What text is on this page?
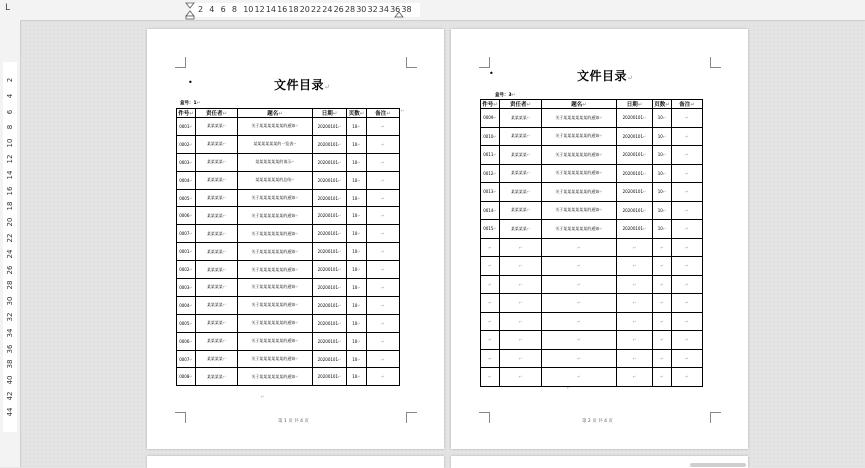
L	2 4 6 8 10 12 14 16 18 20 22 24 26 28 30 32 34 36 38
2
4
6
8
10
12
14
16
18
20
22
24
26
28
30
32
34
36
38
40
42
44
•	文件目录↵
盒号：1↵
件号↵	责任者↵	题名↵	日期↵	页数↵	备注↵
0001↵	某某某某↵	关于某某某某某某的通知↵	20200101↵	10↵	↵
0002↵	某某某某↵	某某某某某某的一览表↵	20200101↵	10↵	↵
0003↵	某某某某↵	某某某某某某的请示↵	20200101↵	10↵	↵
0004↵	某某某某↵	某某某某某某的总结↵	20200101↵	10↵	↵
0005↵	某某某某↵	关于某某某某某某的通知↵	20200101↵	10↵	↵
0006↵	某某某某↵	关于某某某某某某的通知↵	20200101↵	10↵	↵
0007↵	某某某某↵	关于某某某某某某的通知↵	20200101↵	10↵	↵
0001↵	某某某某↵	关于某某某某某某的通知↵	20200101↵	10↵	↵
0002↵	某某某某↵	关于某某某某某某的通知↵	20200101↵	10↵	↵
0003↵	某某某某↵	关于某某某某某某的通知↵	20200101↵	10↵	↵
0004↵	某某某某↵	关于某某某某某某的通知↵	20200101↵	10↵	↵
0005↵	某某某某↵	关于某某某某某某的通知↵	20200101↵	10↵	↵
0006↵	某某某某↵	关于某某某某某某的通知↵	20200101↵	10↵	↵
0007↵	某某某某↵	关于某某某某某某的通知↵	20200101↵	10↵	↵
0008↵	某某某某↵	关于某某某某某某的通知↵	20200101↵	10↵	↵
↵
↵
第 1 页 共 4 页
•	文件目录↵
盒号：3↵
件号↵	责任者↵	题名↵	日期↵	页数↵	备注↵
0009↵	某某某某↵	关于某某某某某某的通知↵	20200101↵	10↵	↵
0010↵	某某某某↵	关于某某某某某某的通知↵	20200101↵	10↵	↵
0011↵	某某某某↵	关于某某某某某某的通知↵	20200101↵	10↵	↵
0012↵	某某某某↵	关于某某某某某某的通知↵	20200101↵	10↵	↵
0013↵	某某某某↵	关于某某某某某某的通知↵	20200101↵	10↵	↵
0014↵	某某某某↵	关于某某某某某某的通知↵	20200101↵	10↵	↵
0015↵	某某某某↵	关于某某某某某某的通知↵	20200101↵	10↵	↵
↵	↵	↵	↵	↵	↵
↵	↵	↵	↵	↵	↵
↵	↵	↵	↵	↵	↵
↵	↵	↵	↵	↵	↵
↵	↵	↵	↵	↵	↵
↵	↵	↵	↵	↵	↵
↵	↵	↵	↵	↵	↵
↵	↵	↵	↵	↵	↵
↵
第 2 页 共 4 页
